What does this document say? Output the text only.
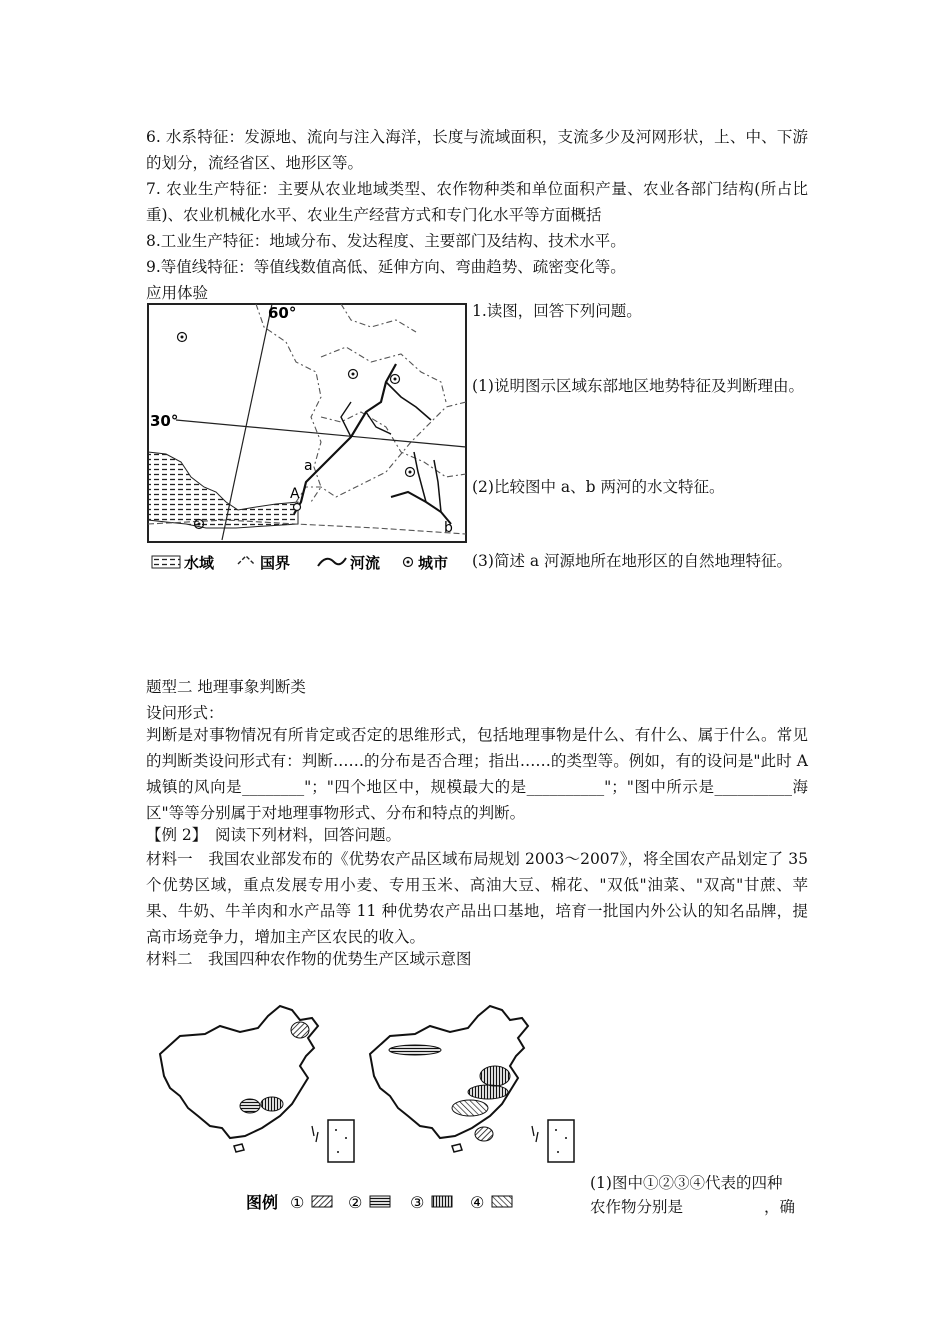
6. 水系特征：发源地、流向与注入海洋，长度与流域面积，支流多少及河网形状，上、中、下游的划分，流经省区、地形区等。

7. 农业生产特征：主要从农业地域类型、农作物种类和单位面积产量、农业各部门结构(所占比重)、农业机械化水平、农业生产经营方式和专门化水平等方面概括

8.工业生产特征：地域分布、发达程度、主要部门及结构、技术水平。
9.等值线特征：等值线数值高低、延伸方向、弯曲趋势、疏密变化等。
应用体验
60°
30°
a
A
b
水域	国界	河流	城市
1.读图，回答下列问题。
(1)说明图示区域东部地区地势特征及判断理由。
(2)比较图中 a、b 两河的水文特征。
(3)简述 a 河源地所在地形区的自然地理特征。
题型二 地理事象判断类
设问形式：

判断是对事物情况有所肯定或否定的思维形式，包括地理事物是什么、有什么、属于什么。常见的判断类设问形式有：判断……的分布是否合理；指出……的类型等。例如，有的设问是"此时 A 城镇的风向是________"；"四个地区中，规模最大的是__________"；"图中所示是__________海区"等等分别属于对地理事物形式、分布和特点的判断。

【例 2】　阅读下列材料，回答问题。

材料一　我国农业部发布的《优势农产品区域布局规划 2003～2007》，将全国农产品划定了 35 个优势区域，重点发展专用小麦、专用玉米、高油大豆、棉花、"双低"油菜、"双高"甘蔗、苹果、牛奶、牛羊肉和水产品等 11 种优势农产品出口基地，培育一批国内外公认的知名品牌，提高市场竞争力，增加主产区农民的收入。

材料二　我国四种农作物的优势生产区域示意图
图例 ①	②	③	④
(1)图中①②③④代表的四种
农作物分别是	，确
